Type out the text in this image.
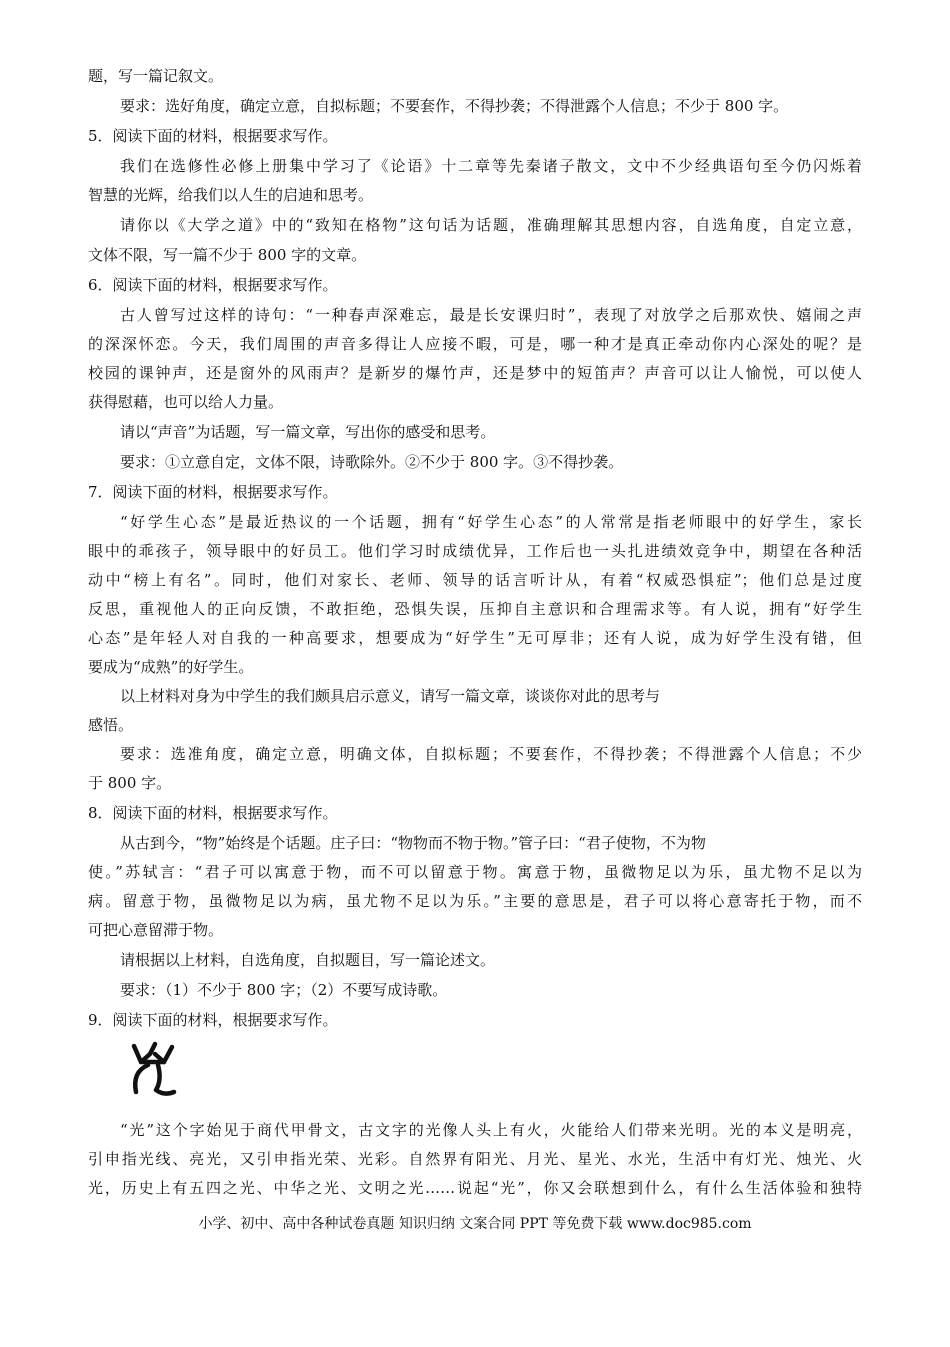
题，写一篇记叙文。
要求：选好角度，确定立意，自拟标题；不要套作，不得抄袭；不得泄露个人信息；不少于 800 字。
5．阅读下面的材料，根据要求写作。
我们在选修性必修上册集中学习了《论语》十二章等先秦诸子散文，文中不少经典语句至今仍闪烁着
智慧的光辉，给我们以人生的启迪和思考。
请你以《大学之道》中的“致知在格物”这句话为话题，准确理解其思想内容，自选角度，自定立意，
文体不限，写一篇不少于 800 字的文章。
6．阅读下面的材料，根据要求写作。
古人曾写过这样的诗句：“一种春声深难忘，最是长安课归时”，表现了对放学之后那欢快、嬉闹之声
的深深怀恋。今天，我们周围的声音多得让人应接不暇，可是，哪一种才是真正牵动你内心深处的呢？是
校园的课钟声，还是窗外的风雨声？是新岁的爆竹声，还是梦中的短笛声？声音可以让人愉悦，可以使人
获得慰藉，也可以给人力量。
请以“声音”为话题，写一篇文章，写出你的感受和思考。
要求：①立意自定，文体不限，诗歌除外。②不少于 800 字。③不得抄袭。
7．阅读下面的材料，根据要求写作。
“好学生心态”是最近热议的一个话题，拥有“好学生心态”的人常常是指老师眼中的好学生，家长
眼中的乖孩子，领导眼中的好员工。他们学习时成绩优异，工作后也一头扎进绩效竞争中，期望在各种活
动中“榜上有名”。同时，他们对家长、老师、领导的话言听计从，有着“权威恐惧症”；他们总是过度
反思，重视他人的正向反馈，不敢拒绝，恐惧失误，压抑自主意识和合理需求等。有人说，拥有“好学生
心态”是年轻人对自我的一种高要求，想要成为“好学生”无可厚非；还有人说，成为好学生没有错，但
要成为“成熟”的好学生。
以上材料对身为中学生的我们颇具启示意义，请写一篇文章，谈谈你对此的思考与
感悟。
要求：选准角度，确定立意，明确文体，自拟标题；不要套作，不得抄袭；不得泄露个人信息；不少
于 800 字。
8．阅读下面的材料，根据要求写作。
从古到今，“物”始终是个话题。庄子曰：“物物而不物于物。”管子曰：“君子使物，不为物
使。”苏轼言：“君子可以寓意于物，而不可以留意于物。寓意于物，虽微物足以为乐，虽尤物不足以为
病。留意于物，虽微物足以为病，虽尤物不足以为乐。”主要的意思是，君子可以将心意寄托于物，而不
可把心意留滞于物。
请根据以上材料，自选角度，自拟题目，写一篇论述文。
要求：（1）不少于 800 字；（2）不要写成诗歌。
9．阅读下面的材料，根据要求写作。
“光”这个字始见于商代甲骨文，古文字的光像人头上有火，火能给人们带来光明。光的本义是明亮，
引申指光线、亮光，又引申指光荣、光彩。自然界有阳光、月光、星光、水光，生活中有灯光、烛光、火
光，历史上有五四之光、中华之光、文明之光……说起“光”，你又会联想到什么，有什么生活体验和独特
小学、初中、高中各种试卷真题 知识归纳 文案合同 PPT 等免费下载 www.doc985.com
